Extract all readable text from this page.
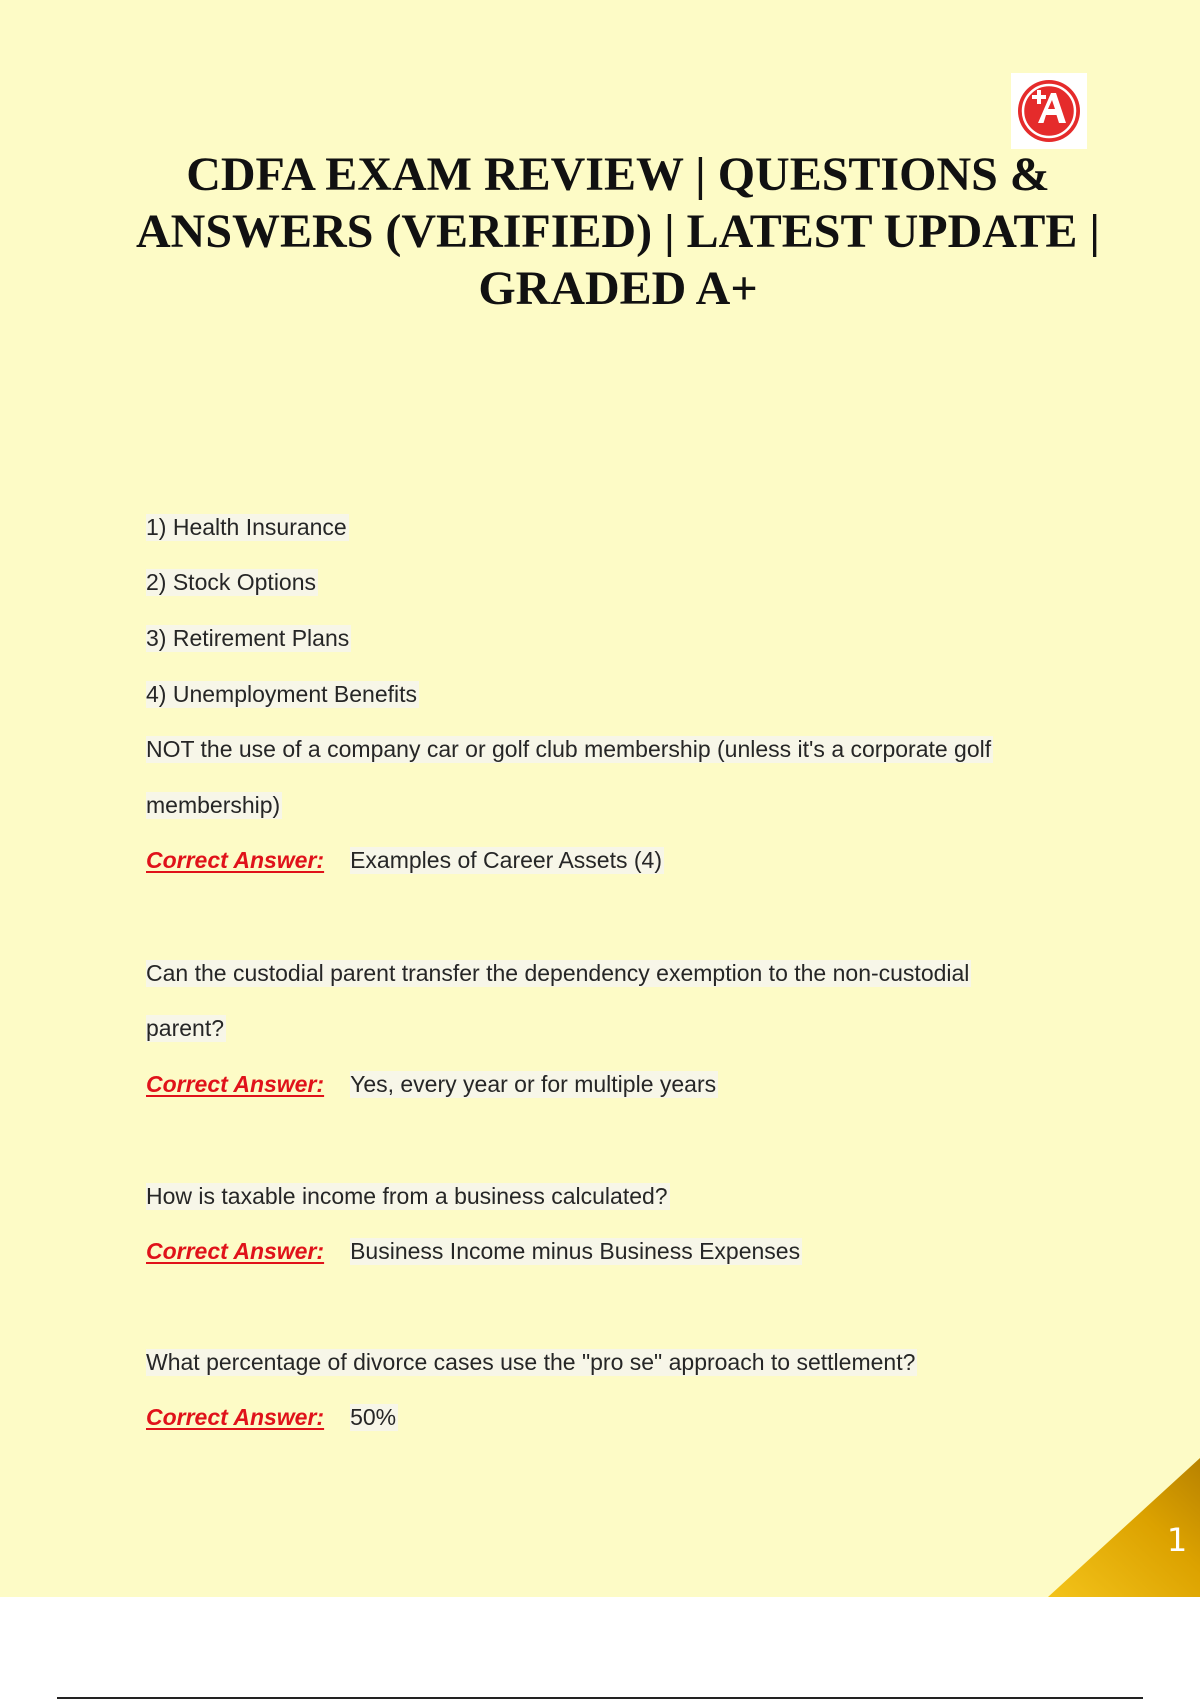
CDFA EXAM REVIEW | QUESTIONS & ANSWERS (VERIFIED) | LATEST UPDATE | GRADED A+
1) Health Insurance
2) Stock Options
3) Retirement Plans
4) Unemployment Benefits
NOT the use of a company car or golf club membership (unless it's a corporate golf
membership)
Correct Answer: Examples of Career Assets (4)
Can the custodial parent transfer the dependency exemption to the non-custodial
parent?
Correct Answer: Yes, every year or for multiple years
How is taxable income from a business calculated?
Correct Answer: Business Income minus Business Expenses
What percentage of divorce cases use the "pro se" approach to settlement?
Correct Answer: 50%
1
